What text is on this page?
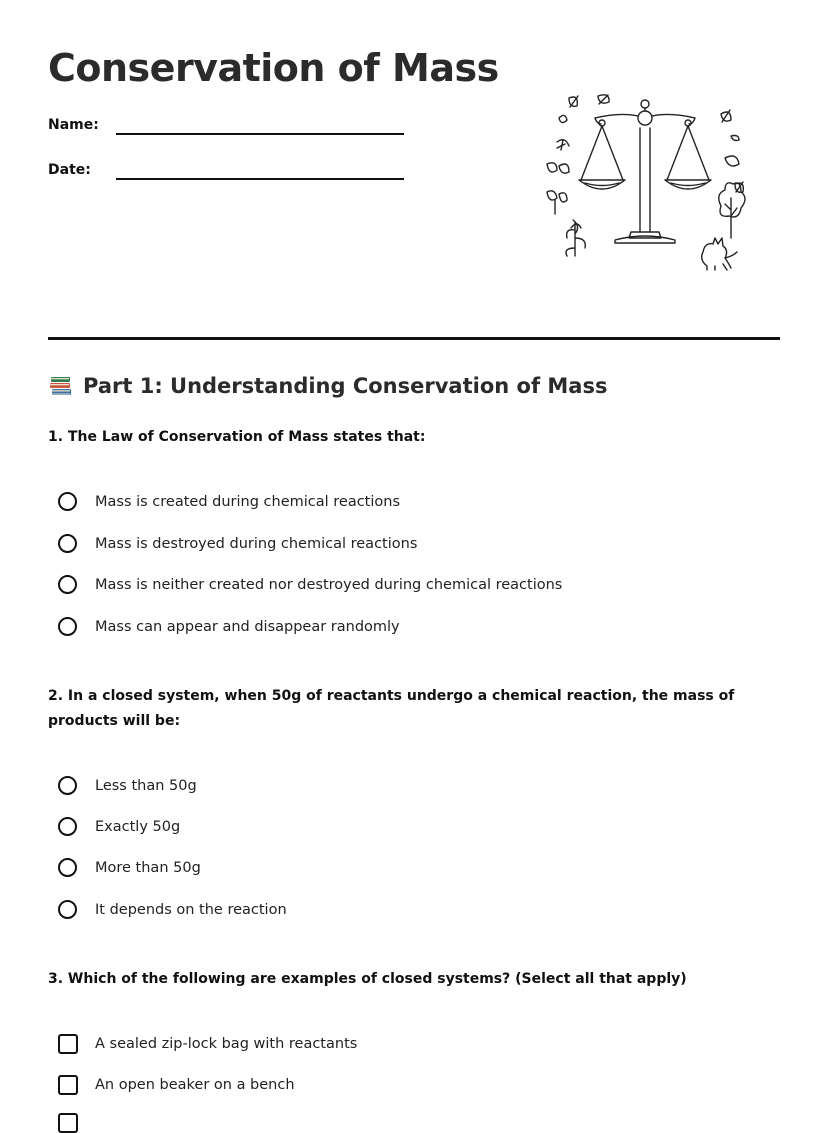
Conservation of Mass
Name:
Date:
Part 1: Understanding Conservation of Mass
1. The Law of Conservation of Mass states that:
Mass is created during chemical reactions
Mass is destroyed during chemical reactions
Mass is neither created nor destroyed during chemical reactions
Mass can appear and disappear randomly
2. In a closed system, when 50g of reactants undergo a chemical reaction, the mass of products will be:
Less than 50g
Exactly 50g
More than 50g
It depends on the reaction
3. Which of the following are examples of closed systems? (Select all that apply)
A sealed zip-lock bag with reactants
An open beaker on a bench
